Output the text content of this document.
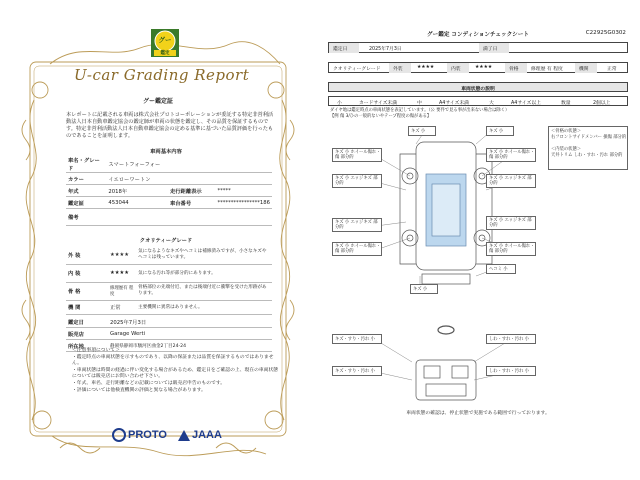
グー
鑑定
U-car Grading Report
グー鑑定証
本レポートに記載される車両は株式会社プロトコーポレーションが委託する特定非営利活動法人日本自動車鑑定協会の鑑定師が車両の状態を鑑定し、その品質を保証するものです。特定非営利活動法人日本自動車鑑定協会の定める基準に基づいた品質評価を行ったものであることを証明します。
車両基本内容
車名・グレード	スマートフォーフォー		
カラー	イエローワートン		
年式	2018年	走行距離表示	*****
鑑定証	453044	車台番号	****************186
備考			
クオリティーグレード
外 装	★★★★	気になるようなキズやヘコミは補修済みですが、小さなキズやヘコミは残っています。
内 装	★★★★	気になる汚れ等が部分的にあります。
骨 格	修理歴有 程度	骨格部位の先端付近、または後端付近に衝撃を受けた形跡があります。
機 関	正常	主要機関に異常はありません。
鑑定日	2025年7月3日
販売店	Garage Werti
所在地	静岡県静岡市駿河区曲金2丁目24-24
＜注意事項について＞
・鑑定時点の車両状態を示すものであり、以降の保証または品質を保証するものではありません。
・車両状態は時間の経過に伴い変化する場合があるため、鑑定日をご確認の上、現在の車両状態については販売店にお問い合わせ下さい。
・年式、車名、走行距離などの記載については販売店申告のものです。
・評価については他検査機関の評価と異なる場合があります。
PROTO JAAA
グー鑑定 コンディションチェックシート	C22925G0302
鑑定日	2025年7月3日	満了日
クオリティーグレード	外装	★★★★	内装	★★★★	骨格	修理歴 有 程度	機関	正常
車両状態の説明
小	カードサイズ未満	中	A4サイズ未満	大	A4サイズ以上	数量	2個以上
ダイヤ地は鑑定時点の車両状態を表記しています。（公 要件で見る事が出来ない場合は除く）
【例 傷 3/ひの一般的ないやテープ程度の傷がある】
キズ 小	キズ 小
キズ 小 ホイール傷れ・傷 部分的
キズ 小 ホイール傷れ・傷 部分的
キズ 小 エッジキズ 部分的
キズ 小 エッジキズ 部分的
キズ 小 エッジキズ 部分的
キズ 小 エッジキズ 部分的
キズ 小 ホイール傷れ・傷 部分的
キズ 小 ホイール傷れ・傷 部分的
ヘコミ 小
キズ 小
キズ・すり・汚れ 小	しわ・すれ・汚れ 小
キズ・すり・汚れ 小	しわ・すれ・汚れ 小
＜骨格の状態＞
右フロントサイドメンバー 損傷 部分的
＜内装の状態＞
天井トリム しわ・すれ・汚れ 部分的
車両状態の確認は、停止状態で実施である範囲で行っております。
